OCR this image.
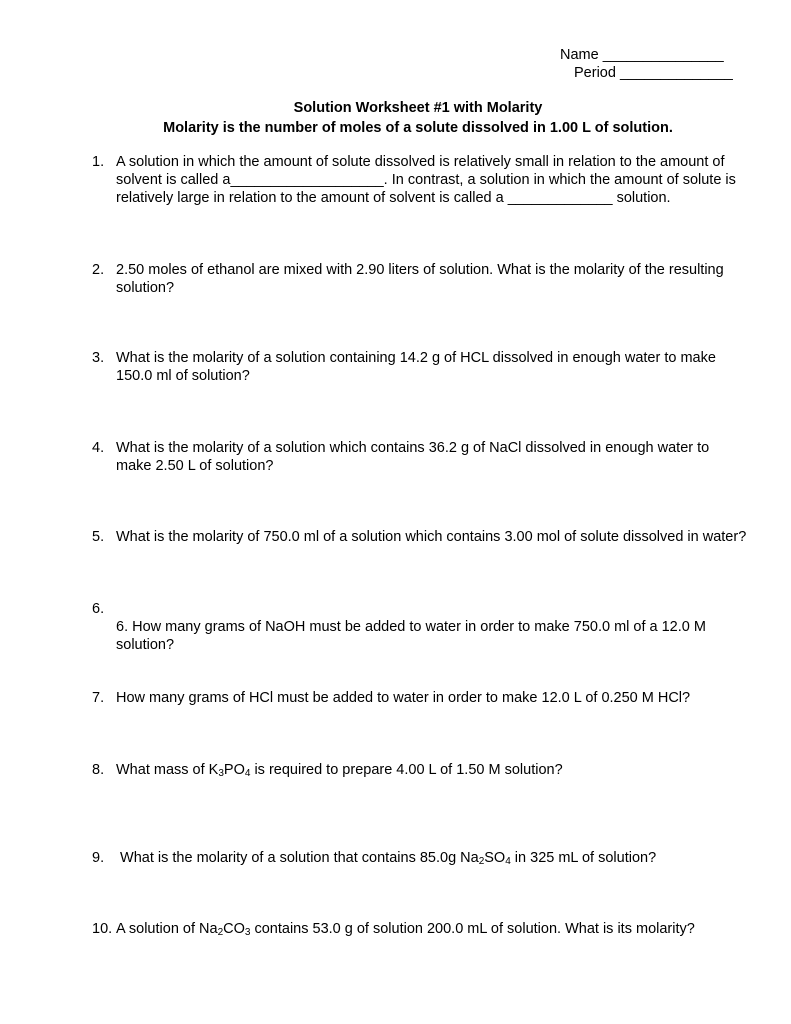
Name _______________
Period ______________
Solution Worksheet #1 with Molarity
Molarity is the number of moles of a solute dissolved in 1.00 L of solution.
1. A solution in which the amount of solute dissolved is relatively small in relation to the amount of solvent is called a___________________. In contrast, a solution in which the amount of solute is relatively large in relation to the amount of solvent is called a _____________ solution.
2. 2.50 moles of ethanol are mixed with 2.90 liters of solution. What is the molarity of the resulting solution?
3. What is the molarity of a solution containing 14.2 g of HCL dissolved in enough water to make 150.0 ml of solution?
4. What is the molarity of a solution which contains 36.2 g of NaCl dissolved in enough water to make 2.50 L of solution?
5. What is the molarity of 750.0 ml of a solution which contains 3.00 mol of solute dissolved in water?
6.
6. How many grams of NaOH must be added to water in order to make 750.0 ml of a 12.0 M solution?
7. How many grams of HCl must be added to water in order to make 12.0 L of 0.250 M HCl?
8. What mass of $K_3PO_4$ is required to prepare 4.00 L of 1.50 M solution?
9. What is the molarity of a solution that contains 85.0g $Na_2SO_4$ in 325 mL of solution?
10. A solution of $Na_2CO_3$ contains 53.0 g of solution 200.0 mL of solution. What is its molarity?
